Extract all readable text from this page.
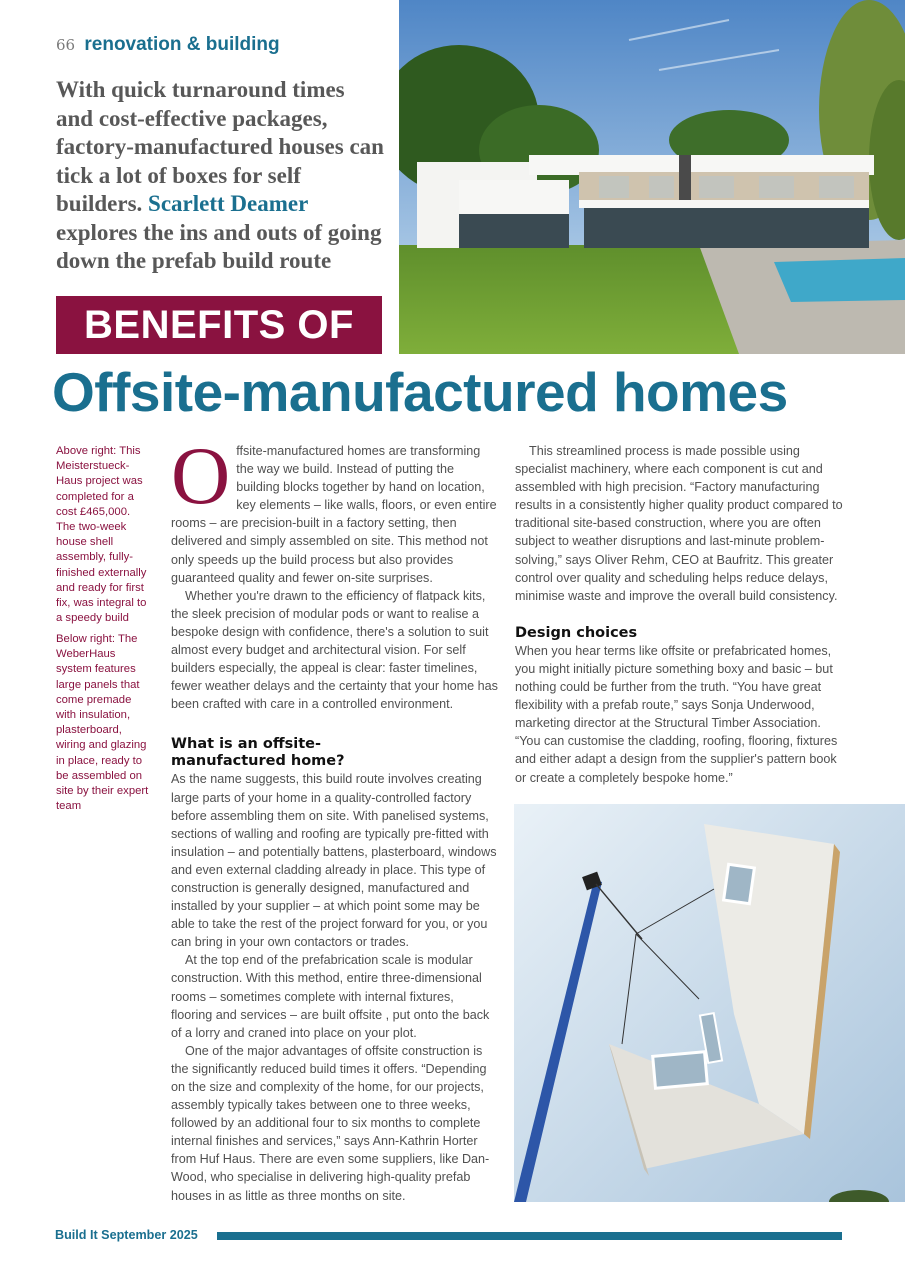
66 renovation & building
With quick turnaround times and cost-effective packages, factory-manufactured houses can tick a lot of boxes for self builders. Scarlett Deamer explores the ins and outs of going down the prefab build route
BENEFITS OF
Offsite-manufactured homes
Above right: This Meisterstueck-Haus project was completed for a cost £465,000. The two-week house shell assembly, fully-finished externally and ready for first fix, was integral to a speedy build
Below right: The WeberHaus system features large panels that come premade with insulation, plasterboard, wiring and glazing in place, ready to be assembled on site by their expert team

Offsite-manufactured homes are transforming the way we build. Instead of putting the building blocks together by hand on location, key elements – like walls, floors, or even entire rooms – are precision-built in a factory setting, then delivered and simply assembled on site. This method not only speeds up the build process but also provides guaranteed quality and fewer on-site surprises.

Whether you're drawn to the efficiency of flatpack kits, the sleek precision of modular pods or want to realise a bespoke design with confidence, there's a solution to suit almost every budget and architectural vision. For self builders especially, the appeal is clear: faster timelines, fewer weather delays and the certainty that your home has been crafted with care in a controlled environment.

What is an offsite-
manufactured home?

As the name suggests, this build route involves creating large parts of your home in a quality-controlled factory before assembling them on site. With panelised systems, sections of walling and roofing are typically pre-fitted with insulation – and potentially battens, plasterboard, windows and even external cladding already in place. This type of construction is generally designed, manufactured and installed by your supplier – at which point some may be able to take the rest of the project forward for you, or you can bring in your own contactors or trades.

At the top end of the prefabrication scale is modular construction. With this method, entire three-dimensional rooms – sometimes complete with internal fixtures, flooring and services – are built offsite , put onto the back of a lorry and craned into place on your plot.

One of the major advantages of offsite construction is the significantly reduced build times it offers. “Depending on the size and complexity of the home, for our projects, assembly typically takes between one to three weeks, followed by an additional four to six months to complete internal finishes and services,” says Ann-Kathrin Horter from Huf Haus. There are even some suppliers, like Dan-Wood, who specialise in delivering high-quality prefab houses in as little as three months on site.

This streamlined process is made possible using specialist machinery, where each component is cut and assembled with high precision. “Factory manufacturing results in a consistently higher quality product compared to traditional site-based construction, where you are often subject to weather disruptions and last-minute problem-solving,” says Oliver Rehm, CEO at Baufritz. This greater control over quality and scheduling helps reduce delays, minimise waste and improve the overall build consistency.

Design choices

When you hear terms like offsite or prefabricated homes, you might initially picture something boxy and basic – but nothing could be further from the truth. “You have great flexibility with a prefab route,” says Sonja Underwood, marketing director at the Structural Timber Association. “You can customise the cladding, roofing, flooring, fixtures and either adapt a design from the supplier's pattern book or create a completely bespoke home.”

Build It September 2025
